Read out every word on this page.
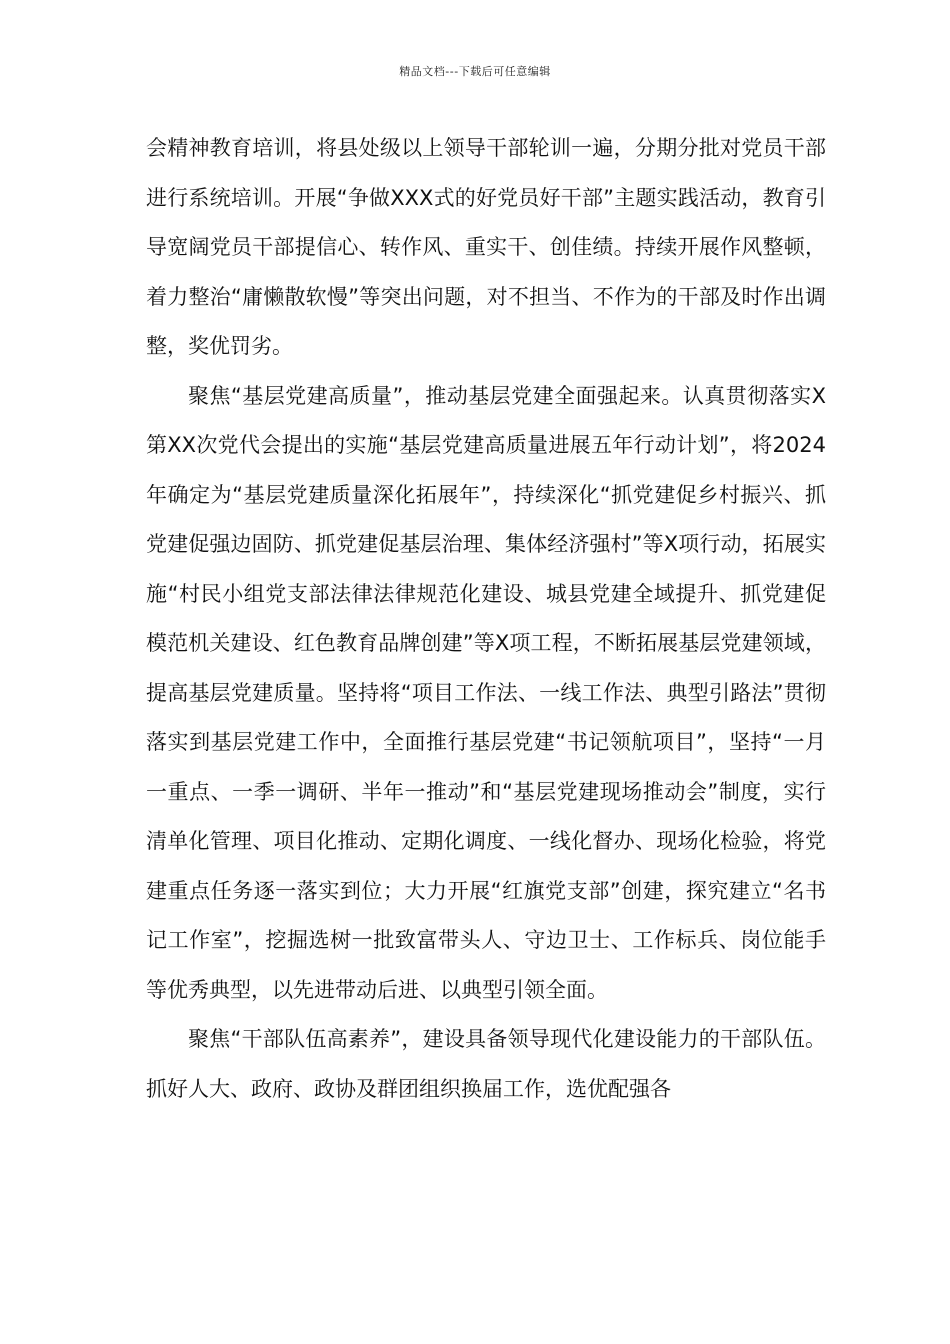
精品文档---下载后可任意编辑

会精神教育培训，将县处级以上领导干部轮训一遍，分期分批对党员干部进行系统培训。开展“争做XXX式的好党员好干部”主题实践活动，教育引导宽阔党员干部提信心、转作风、重实干、创佳绩。持续开展作风整顿，着力整治“庸懒散软慢”等突出问题，对不担当、不作为的干部及时作出调整，奖优罚劣。

聚焦“基层党建高质量”，推动基层党建全面强起来。认真贯彻落实X第XX次党代会提出的实施“基层党建高质量进展五年行动计划”，将2024年确定为“基层党建质量深化拓展年”，持续深化“抓党建促乡村振兴、抓党建促强边固防、抓党建促基层治理、集体经济强村”等X项行动，拓展实施“村民小组党支部法律法律规范化建设、城县党建全域提升、抓党建促模范机关建设、红色教育品牌创建”等X项工程，不断拓展基层党建领域，提高基层党建质量。坚持将“项目工作法、一线工作法、典型引路法”贯彻落实到基层党建工作中，全面推行基层党建“书记领航项目”，坚持“一月一重点、一季一调研、半年一推动”和“基层党建现场推动会”制度，实行清单化管理、项目化推动、定期化调度、一线化督办、现场化检验，将党建重点任务逐一落实到位；大力开展“红旗党支部”创建，探究建立“名书记工作室”，挖掘选树一批致富带头人、守边卫士、工作标兵、岗位能手等优秀典型，以先进带动后进、以典型引领全面。

聚焦“干部队伍高素养”，建设具备领导现代化建设能力的干部队伍。抓好人大、政府、政协及群团组织换届工作，选优配强各
